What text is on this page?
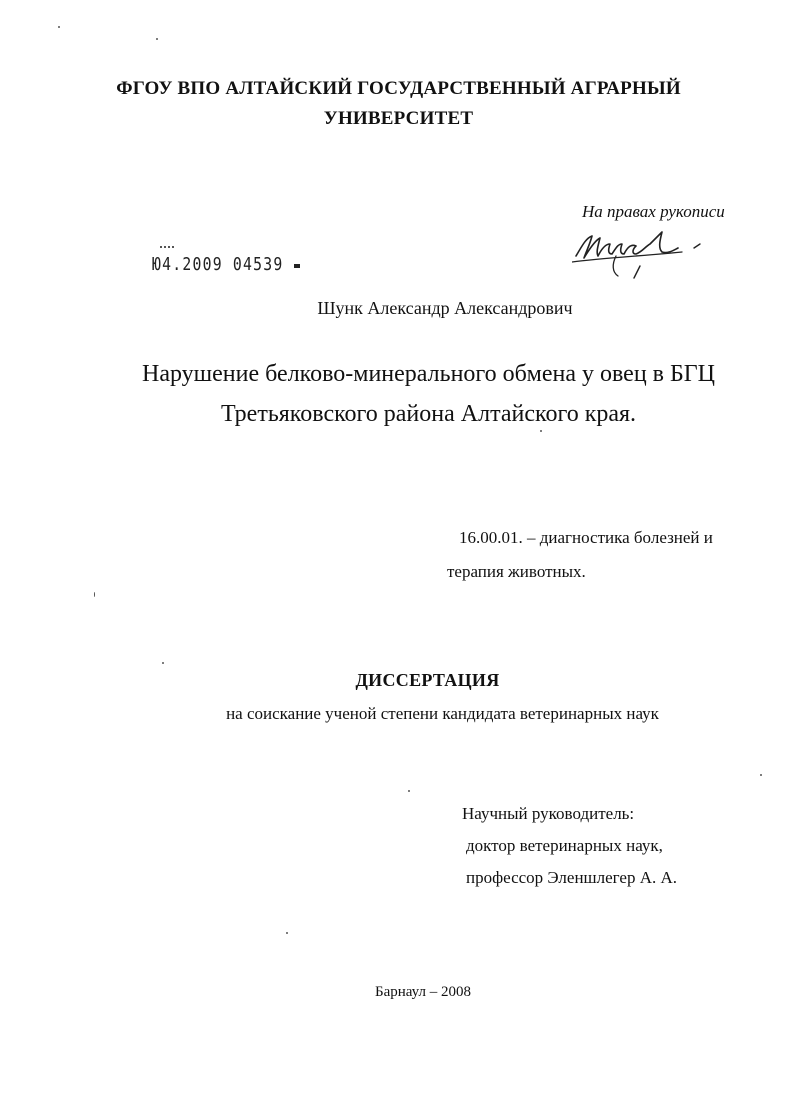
ФГОУ ВПО АЛТАЙСКИЙ ГОСУДАРСТВЕННЫЙ АГРАРНЫЙ
УНИВЕРСИТЕТ
На правах рукописи
Ю4.2009 04539
Шунк Александр Александрович
Нарушение белково-минерального обмена у овец в БГЦ
Третьяковского района Алтайского края.
16.00.01. – диагностика болезней и
терапия животных.
ДИССЕРТАЦИЯ
на соискание ученой степени кандидата ветеринарных наук
Научный руководитель:
доктор ветеринарных наук,
профессор Эленшлегер А. А.
Барнаул – 2008
